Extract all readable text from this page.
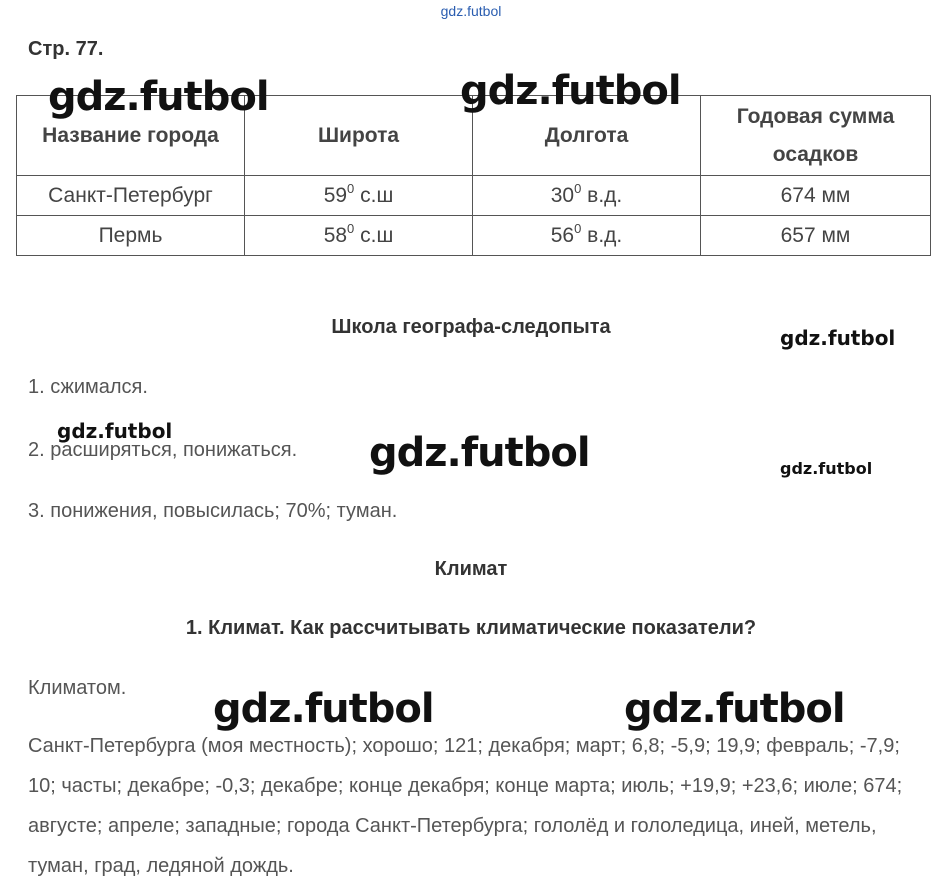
gdz.futbol
Стр. 77.
Название города	Широта	Долгота	Годовая сумма осадков
Санкт-Петербург	$59^0$ с.ш	$30^0$ в.д.	674 мм
Пермь	$58^0$ с.ш	$56^0$ в.д.	657 мм
Школа географа-следопыта
1. сжимался.
2. расширяться, понижаться.
3. понижения, повысилась; 70%; туман.
Климат
1. Климат. Как рассчитывать климатические показатели?
Климатом.
Санкт-Петербурга (моя местность); хорошо; 121; декабря; март; 6,8; -5,9; 19,9; февраль; -7,9; 10; часты; декабре; -0,3; декабре; конце декабря; конце марта; июль; +19,9; +23,6; июле; 674; августе; апреле; западные; города Санкт-Петербурга; гололёд и гололедица, иней, метель, туман, град, ледяной дождь.
gdz.futbol	gdz.futbol
gdz.futbol
gdz.futbol	gdz.futbol	gdz.futbol
gdz.futbol	gdz.futbol
